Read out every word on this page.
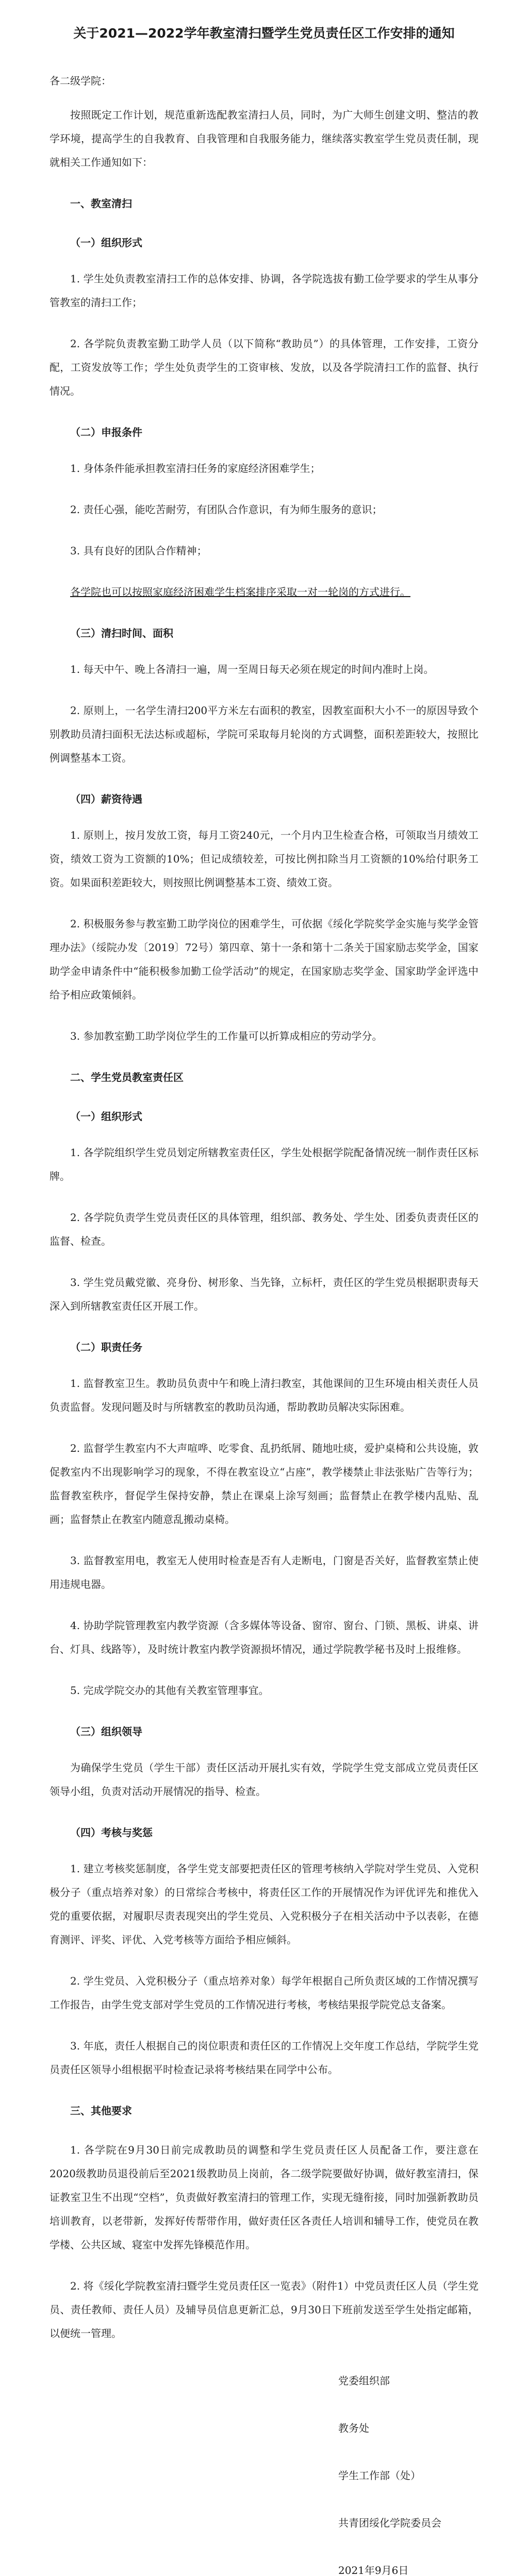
关于2021—2022学年教室清扫暨学生党员责任区工作安排的通知

各二级学院：

按照既定工作计划，规范重新选配教室清扫人员，同时，为广大师生创建文明、整洁的教学环境，提高学生的自我教育、自我管理和自我服务能力，继续落实教室学生党员责任制，现就相关工作通知如下：

一、教室清扫
（一）组织形式

1. 学生处负责教室清扫工作的总体安排、协调，各学院选拔有勤工俭学要求的学生从事分管教室的清扫工作；

2. 各学院负责教室勤工助学人员（以下简称“教助员”）的具体管理，工作安排，工资分配，工资发放等工作；学生处负责学生的工资审核、发放，以及各学院清扫工作的监督、执行情况。

（二）申报条件

1. 身体条件能承担教室清扫任务的家庭经济困难学生；

2. 责任心强，能吃苦耐劳，有团队合作意识，有为师生服务的意识；

3. 具有良好的团队合作精神；

各学院也可以按照家庭经济困难学生档案排序采取一对一轮岗的方式进行。

（三）清扫时间、面积

1. 每天中午、晚上各清扫一遍，周一至周日每天必须在规定的时间内准时上岗。

2. 原则上，一名学生清扫200平方米左右面积的教室，因教室面积大小不一的原因导致个别教助员清扫面积无法达标或超标，学院可采取每月轮岗的方式调整，面积差距较大，按照比例调整基本工资。

（四）薪资待遇

1. 原则上，按月发放工资，每月工资240元，一个月内卫生检查合格，可领取当月绩效工资，绩效工资为工资额的10%；但记成绩较差，可按比例扣除当月工资额的10%给付职务工资。如果面积差距较大，则按照比例调整基本工资、绩效工资。

2. 积极服务参与教室勤工助学岗位的困难学生，可依据《绥化学院奖学金实施与奖学金管理办法》（绥院办发〔2019〕72号）第四章、第十一条和第十二条关于国家励志奖学金，国家助学金申请条件中“能积极参加勤工俭学活动”的规定，在国家励志奖学金、国家助学金评选中给予相应政策倾斜。

3. 参加教室勤工助学岗位学生的工作量可以折算成相应的劳动学分。

二、学生党员教室责任区
（一）组织形式

1. 各学院组织学生党员划定所辖教室责任区，学生处根据学院配备情况统一制作责任区标牌。

2. 各学院负责学生党员责任区的具体管理，组织部、教务处、学生处、团委负责责任区的监督、检查。

3. 学生党员戴党徽、亮身份、树形象、当先锋，立标杆，责任区的学生党员根据职责每天深入到所辖教室责任区开展工作。

（二）职责任务

1. 监督教室卫生。教助员负责中午和晚上清扫教室，其他课间的卫生环境由相关责任人员负责监督。发现问题及时与所辖教室的教助员沟通，帮助教助员解决实际困难。

2. 监督学生教室内不大声喧哗、吃零食、乱扔纸屑、随地吐痰，爱护桌椅和公共设施，敦促教室内不出现影响学习的现象，不得在教室设立“占座”，教学楼禁止非法张贴广告等行为；监督教室秩序，督促学生保持安静，禁止在课桌上涂写刻画；监督禁止在教学楼内乱贴、乱画；监督禁止在教室内随意乱搬动桌椅。

3. 监督教室用电，教室无人使用时检查是否有人走断电，门窗是否关好，监督教室禁止使用违规电器。

4. 协助学院管理教室内教学资源（含多媒体等设备、窗帘、窗台、门锁、黑板、讲桌、讲台、灯具、线路等），及时统计教室内教学资源损坏情况，通过学院教学秘书及时上报维修。

5. 完成学院交办的其他有关教室管理事宜。

（三）组织领导

为确保学生党员（学生干部）责任区活动开展扎实有效，学院学生党支部成立党员责任区领导小组，负责对活动开展情况的指导、检查。

（四）考核与奖惩

1. 建立考核奖惩制度，各学生党支部要把责任区的管理考核纳入学院对学生党员、入党积极分子（重点培养对象）的日常综合考核中，将责任区工作的开展情况作为评优评先和推优入党的重要依据，对履职尽责表现突出的学生党员、入党积极分子在相关活动中予以表彰，在德育测评、评奖、评优、入党考核等方面给予相应倾斜。

2. 学生党员、入党积极分子（重点培养对象）每学年根据自己所负责区域的工作情况撰写工作报告，由学生党支部对学生党员的工作情况进行考核，考核结果报学院党总支备案。

3. 年底，责任人根据自己的岗位职责和责任区的工作情况上交年度工作总结，学院学生党员责任区领导小组根据平时检查记录将考核结果在同学中公布。

三、其他要求

1. 各学院在9月30日前完成教助员的调整和学生党员责任区人员配备工作，要注意在2020级教助员退役前后至2021级教助员上岗前，各二级学院要做好协调，做好教室清扫，保证教室卫生不出现“空档”，负责做好教室清扫的管理工作，实现无缝衔接，同时加强新教助员培训教育，以老带新，发挥好传帮带作用，做好责任区各责任人培训和辅导工作，使党员在教学楼、公共区域、寝室中发挥先锋模范作用。

2. 将《绥化学院教室清扫暨学生党员责任区一览表》（附件1）中党员责任区人员（学生党员、责任教师、责任人员）及辅导员信息更新汇总，9月30日下班前发送至学生处指定邮箱，以便统一管理。

党委组织部
教务处
学生工作部（处）
共青团绥化学院委员会
2021年9月6日
